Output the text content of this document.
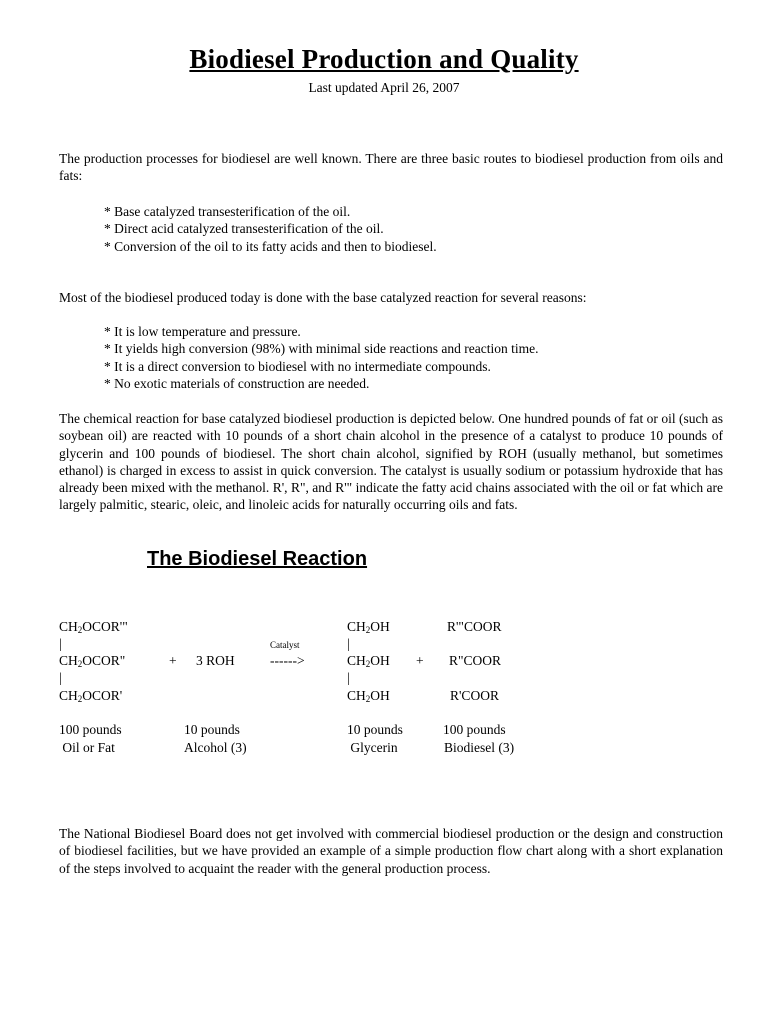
Biodiesel Production and Quality
Last updated April 26, 2007
The production processes for biodiesel are well known. There are three basic routes to biodiesel production from oils and fats:
* Base catalyzed transesterification of the oil.
* Direct acid catalyzed transesterification of the oil.
* Conversion of the oil to its fatty acids and then to biodiesel.
Most of the biodiesel produced today is done with the base catalyzed reaction for several reasons:
* It is low temperature and pressure.
* It yields high conversion (98%) with minimal side reactions and reaction time.
* It is a direct conversion to biodiesel with no intermediate compounds.
* No exotic materials of construction are needed.
The chemical reaction for base catalyzed biodiesel production is depicted below. One hundred pounds of fat or oil (such as soybean oil) are reacted with 10 pounds of a short chain alcohol in the presence of a catalyst to produce 10 pounds of glycerin and 100 pounds of biodiesel. The short chain alcohol, signified by ROH (usually methanol, but sometimes ethanol) is charged in excess to assist in quick conversion. The catalyst is usually sodium or potassium hydroxide that has already been mixed with the methanol. R', R", and R'" indicate the fatty acid chains associated with the oil or fat which are largely palmitic, stearic, oleic, and linoleic acids for naturally occurring oils and fats.
The Biodiesel Reaction
$CH_2OCOR'$"
|
$CH_2OCOR$"
|
$CH_2OCOR'$
+ 3 ROH
Catalyst
------>
$CH_2OH$
|
$CH_2OH$
|
$CH_2OH$
+
R'"COOR
R"COOR
R'COOR
100 pounds
Oil or Fat
10 pounds
Alcohol (3)
10 pounds
Glycerin
100 pounds
Biodiesel (3)
The National Biodiesel Board does not get involved with commercial biodiesel production or the design and construction of biodiesel facilities, but we have provided an example of a simple production flow chart along with a short explanation of the steps involved to acquaint the reader with the general production process.
